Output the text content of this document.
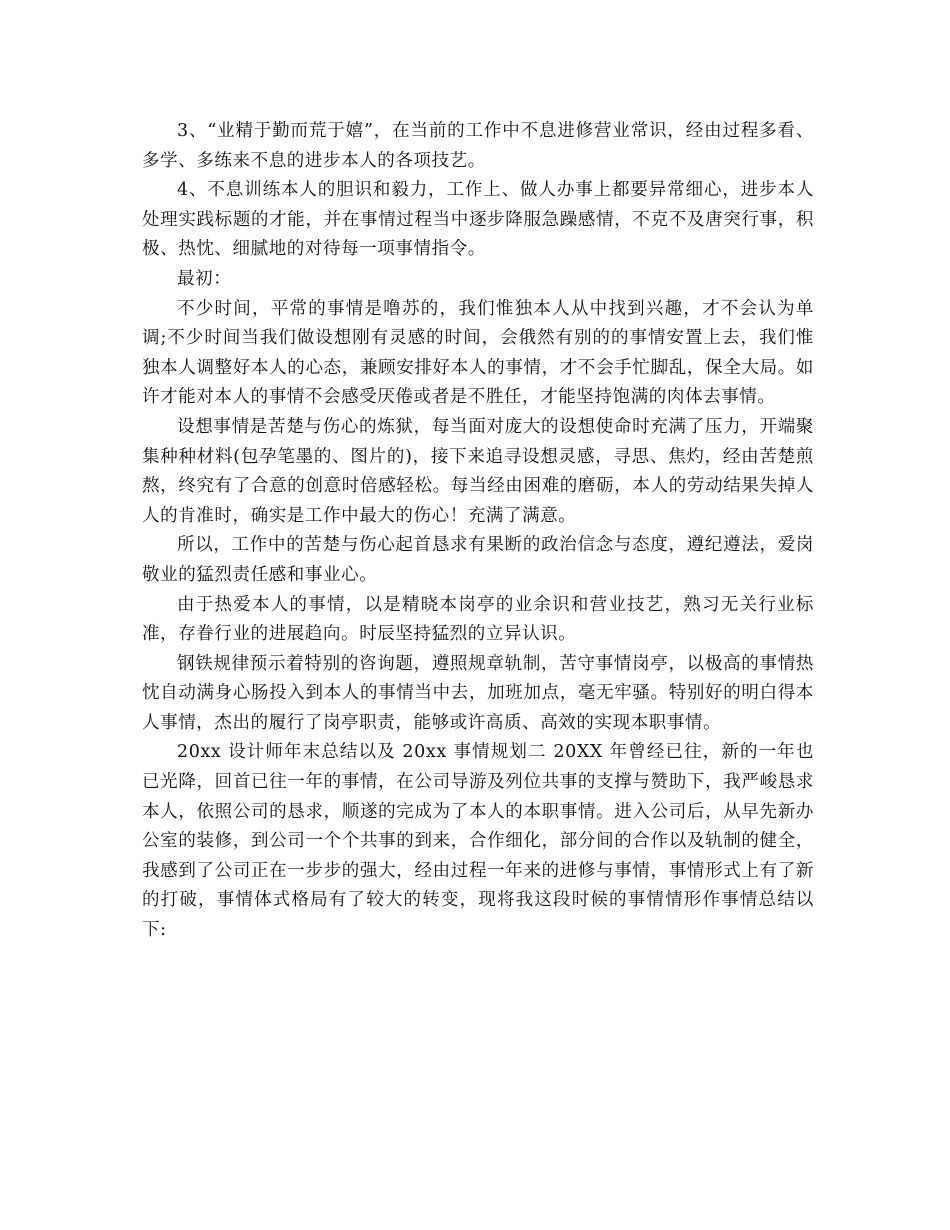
3、“业精于勤而荒于嬉”，在当前的工作中不息进修营业常识，经由过程多看、多学、多练来不息的进步本人的各项技艺。

4、不息训练本人的胆识和毅力，工作上、做人办事上都要异常细心，进步本人处理实践标题的才能，并在事情过程当中逐步降服急躁感情，不克不及唐突行事，积极、热忱、细腻地的对待每一项事情指令。

最初：

不少时间，平常的事情是噜苏的，我们惟独本人从中找到兴趣，才不会认为单调;不少时间当我们做设想刚有灵感的时间，会俄然有别的的事情安置上去，我们惟独本人调整好本人的心态，兼顾安排好本人的事情，才不会手忙脚乱，保全大局。如许才能对本人的事情不会感受厌倦或者是不胜任，才能坚持饱满的肉体去事情。

设想事情是苦楚与伤心的炼狱，每当面对庞大的设想使命时充满了压力，开端聚集种种材料(包孕笔墨的、图片的)，接下来追寻设想灵感，寻思、焦灼，经由苦楚煎熬，终究有了合意的创意时倍感轻松。每当经由困难的磨砺，本人的劳动结果失掉人人的肯准时，确实是工作中最大的伤心！充满了满意。

所以，工作中的苦楚与伤心起首恳求有果断的政治信念与态度，遵纪遵法，爱岗敬业的猛烈责任感和事业心。

由于热爱本人的事情，以是精晓本岗亭的业余识和营业技艺，熟习无关行业标准，存眷行业的进展趋向。时辰坚持猛烈的立异认识。

钢铁规律预示着特别的咨询题，遵照规章轨制，苦守事情岗亭，以极高的事情热忱自动满身心肠投入到本人的事情当中去，加班加点，毫无牢骚。特别好的明白得本人事情，杰出的履行了岗亭职责，能够或许高质、高效的实现本职事情。

20xx 设计师年末总结以及 20xx 事情规划二 20XX 年曾经已往，新的一年也已光降，回首已往一年的事情，在公司导游及列位共事的支撑与赞助下，我严峻恳求本人，依照公司的恳求，顺遂的完成为了本人的本职事情。进入公司后，从早先新办公室的装修，到公司一个个共事的到来，合作细化，部分间的合作以及轨制的健全，我感到了公司正在一步步的强大，经由过程一年来的进修与事情，事情形式上有了新的打破，事情体式格局有了较大的转变，现将我这段时候的事情情形作事情总结以下:
